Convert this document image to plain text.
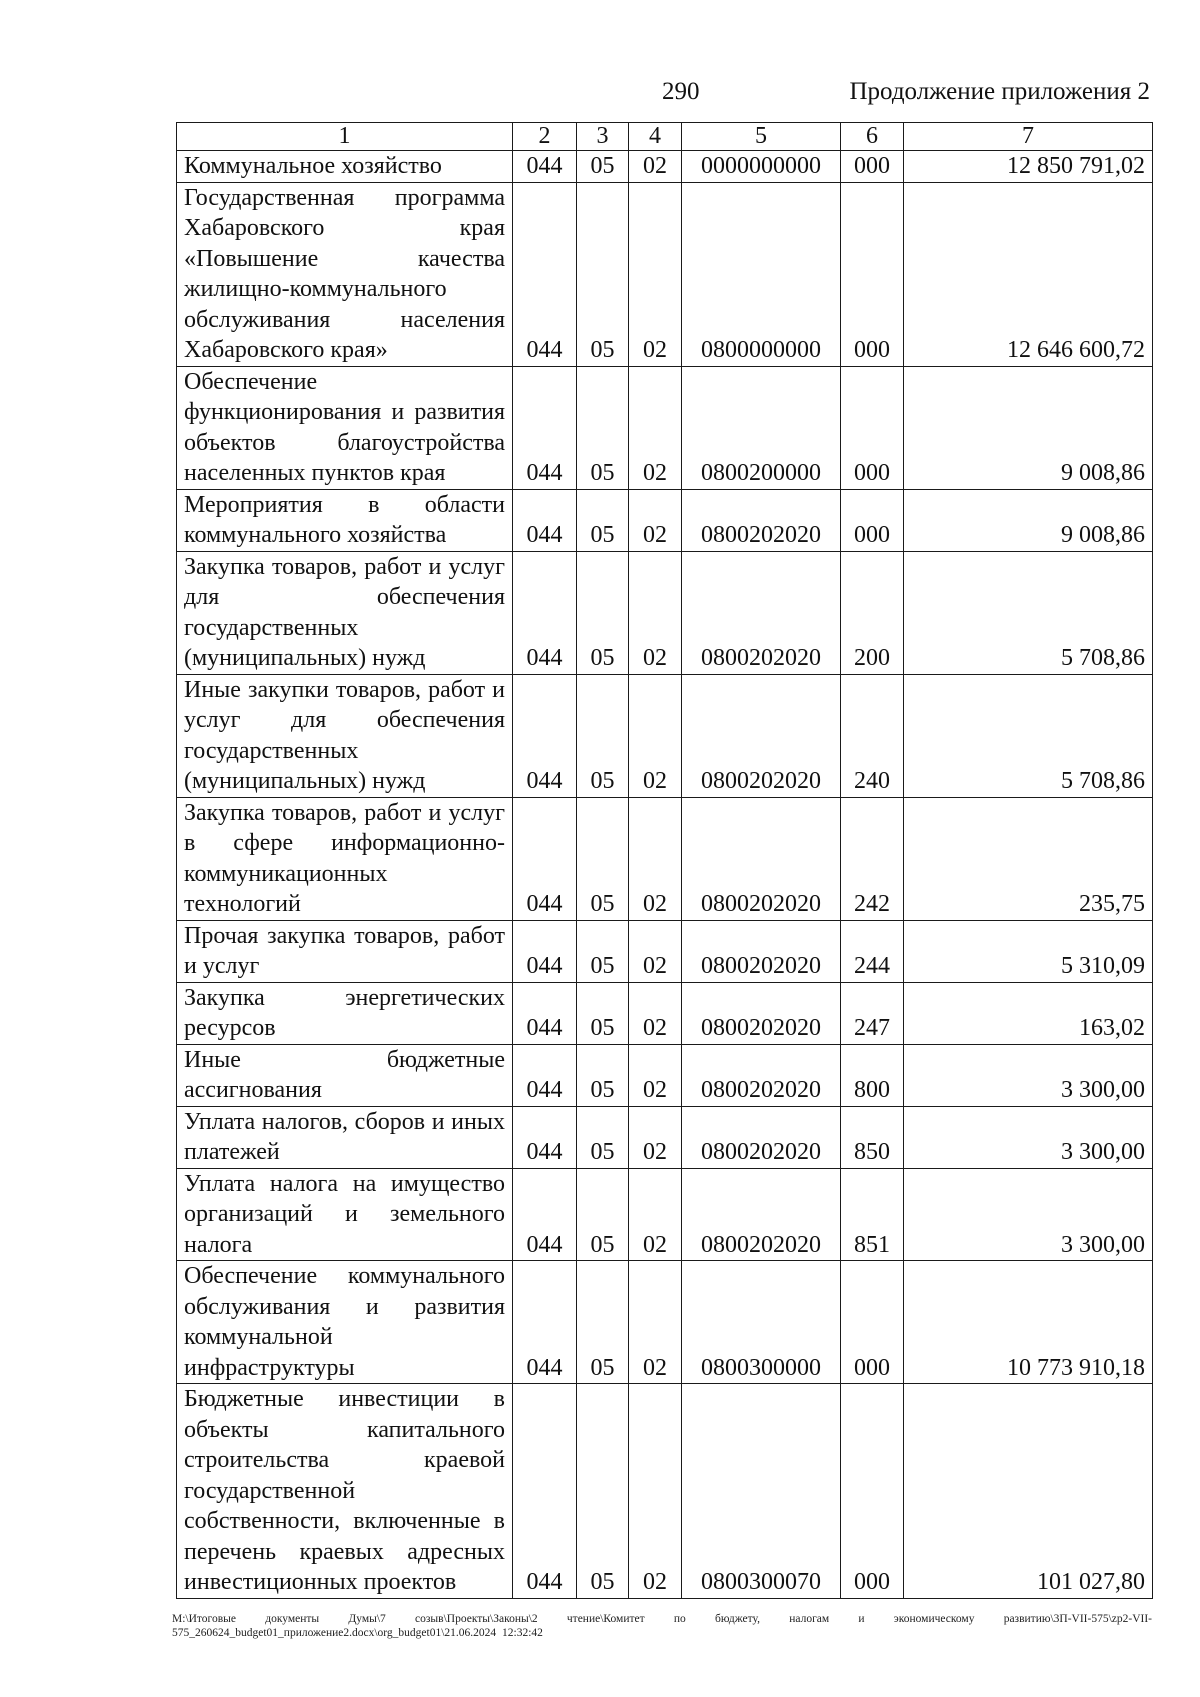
290	Продолжение приложения 2
1	2	3	4	5	6	7
Коммунальное хозяйство	044	05	02	0000000000	000	12 850 791,02
Государственная программа Хабаровского края «Повышение качества жилищно-коммунального обслуживания населения Хабаровского края»	044	05	02	0800000000	000	12 646 600,72
Обеспечение функционирования и развития объектов благоустройства населенных пунктов края	044	05	02	0800200000	000	9 008,86
Мероприятия в области коммунального хозяйства	044	05	02	0800202020	000	9 008,86
Закупка товаров, работ и услуг для обеспечения государственных (муниципальных) нужд	044	05	02	0800202020	200	5 708,86
Иные закупки товаров, работ и услуг для обеспечения государственных (муниципальных) нужд	044	05	02	0800202020	240	5 708,86
Закупка товаров, работ и услуг в сфере информационно-коммуникационных технологий	044	05	02	0800202020	242	235,75
Прочая закупка товаров, работ и услуг	044	05	02	0800202020	244	5 310,09
Закупка энергетических ресурсов	044	05	02	0800202020	247	163,02
Иные бюджетные ассигнования	044	05	02	0800202020	800	3 300,00
Уплата налогов, сборов и иных платежей	044	05	02	0800202020	850	3 300,00
Уплата налога на имущество организаций и земельного налога	044	05	02	0800202020	851	3 300,00
Обеспечение коммунального обслуживания и развития коммунальной инфраструктуры	044	05	02	0800300000	000	10 773 910,18
Бюджетные инвестиции в объекты капитального строительства краевой государственной собственности, включенные в перечень краевых адресных инвестиционных проектов	044	05	02	0800300070	000	101 027,80
M:\Итоговые документы Думы\7 созыв\Проекты\Законы\2 чтение\Комитет по бюджету, налогам и экономическому развитию\3П-VII-575\zp2-VII-575_260624_budget01_приложение2.docx\org_budget01\21.06.2024 12:32:42
